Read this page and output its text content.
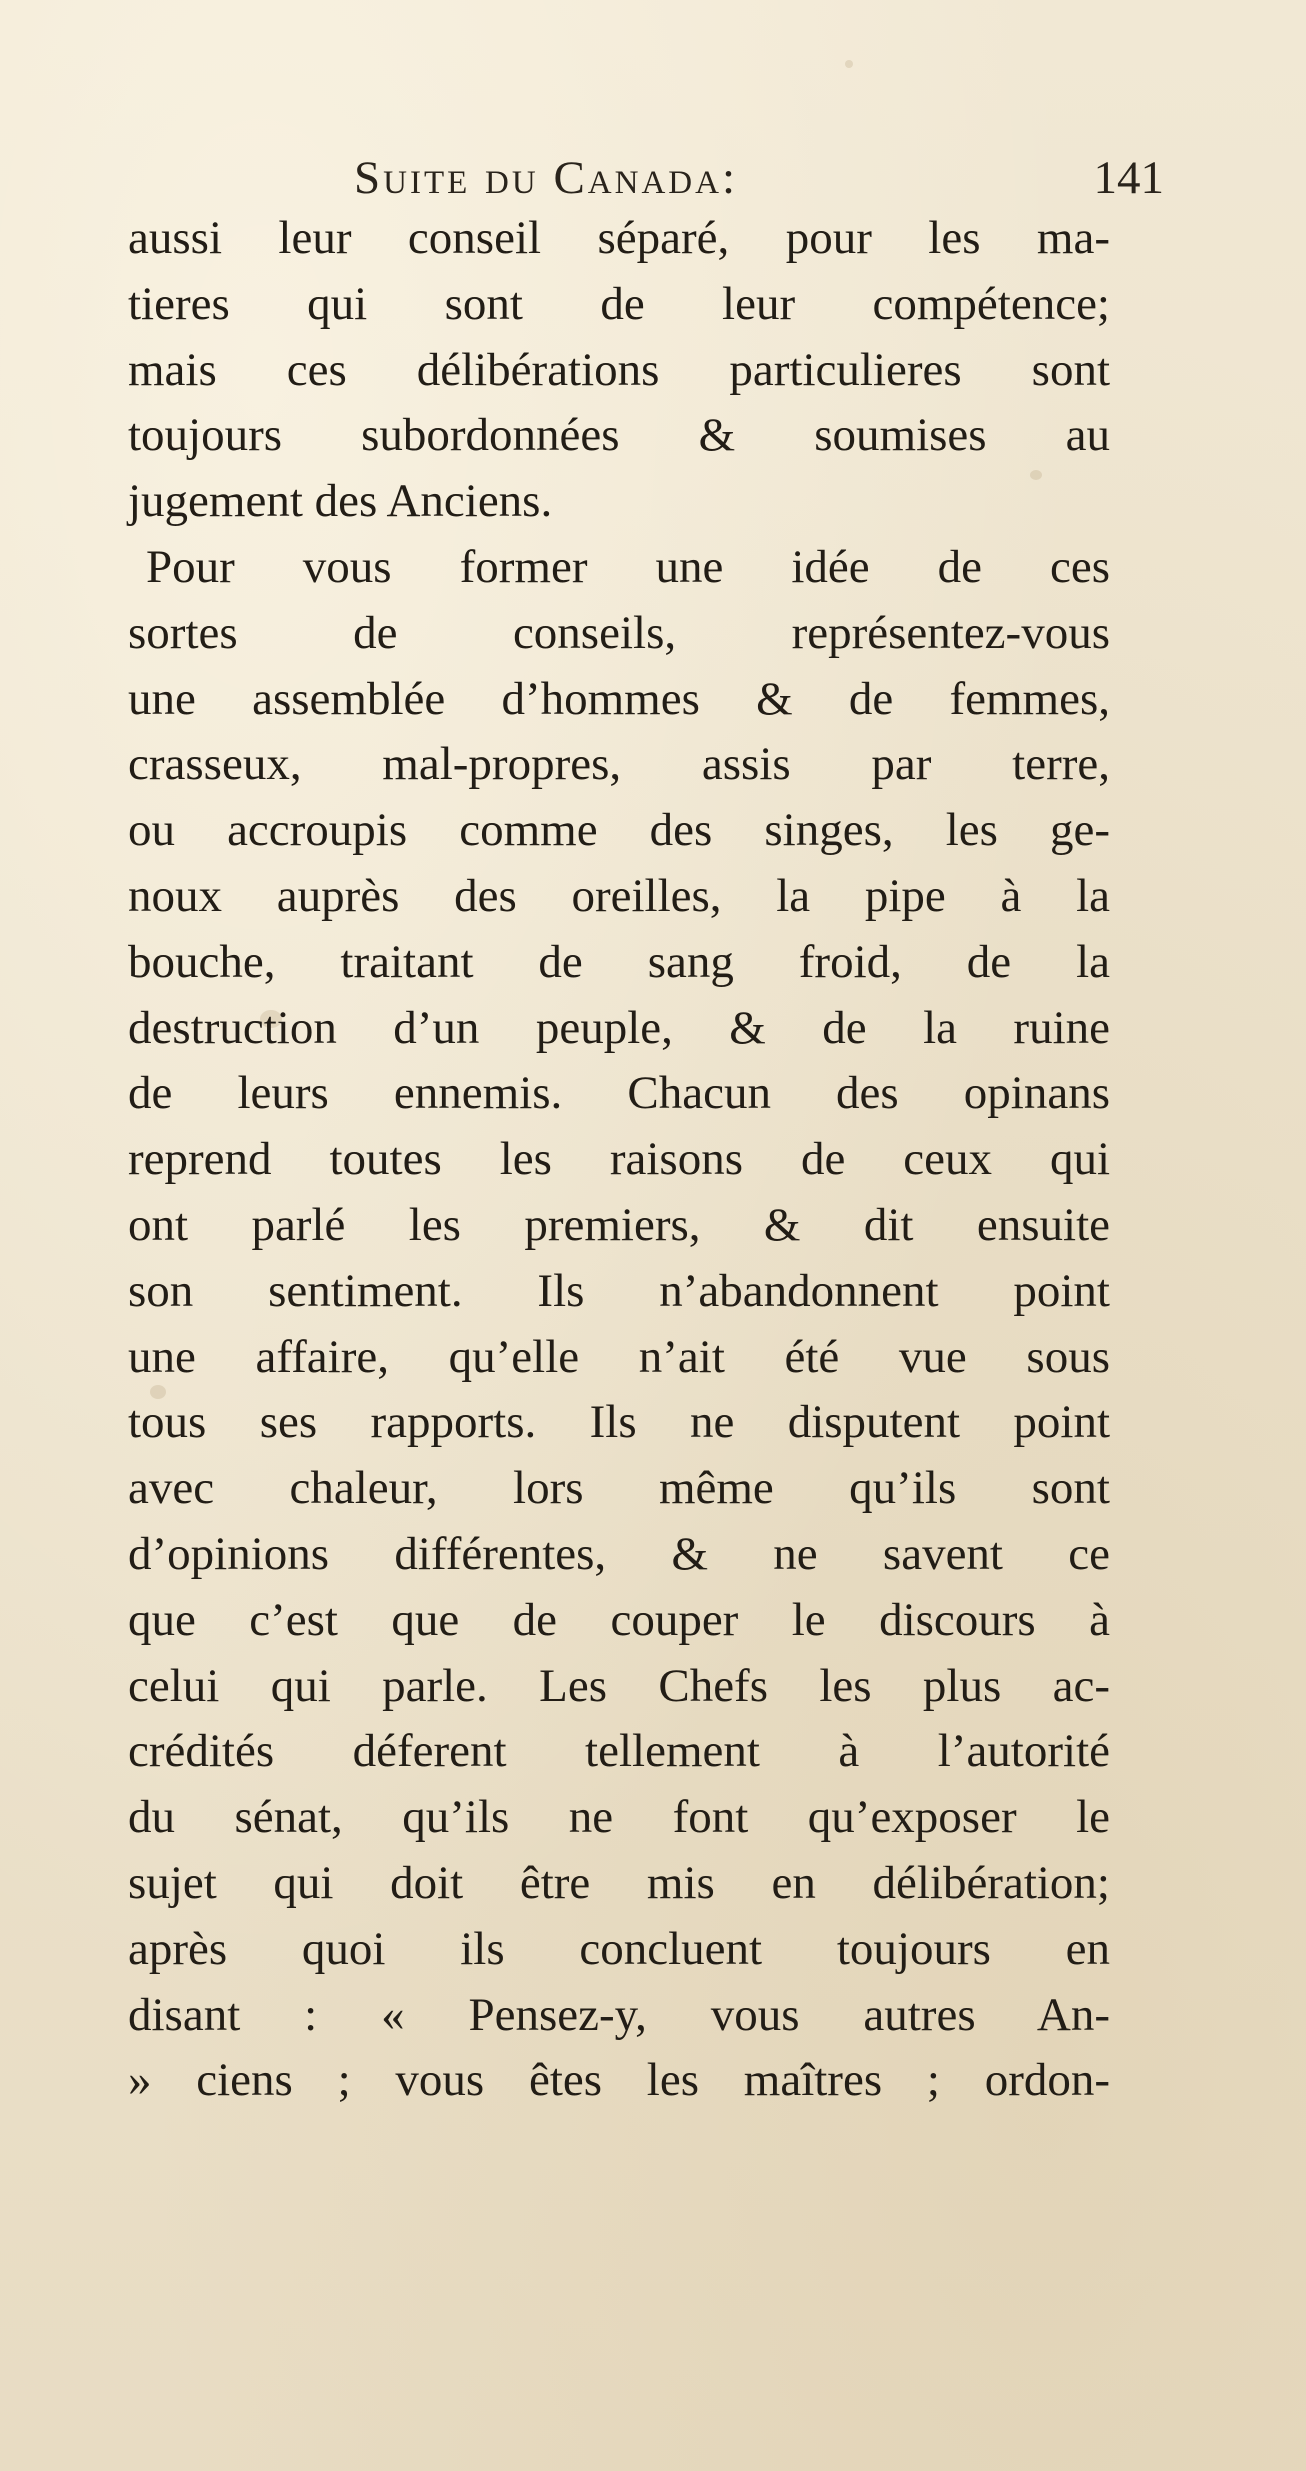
Suite du Canada:	141
aussi leur conseil séparé, pour les ma-
tieres qui sont de leur compétence;
mais ces délibérations particulieres sont
toujours subordonnées & soumises au
jugement des Anciens.
Pour vous former une idée de ces
sortes de conseils, représentez-vous
une assemblée d’hommes & de femmes,
crasseux, mal-propres, assis par terre,
ou accroupis comme des singes, les ge-
noux auprès des oreilles, la pipe à la
bouche, traitant de sang froid, de la
destruction d’un peuple, & de la ruine
de leurs ennemis. Chacun des opinans
reprend toutes les raisons de ceux qui
ont parlé les premiers, & dit ensuite
son sentiment. Ils n’abandonnent point
une affaire, qu’elle n’ait été vue sous
tous ses rapports. Ils ne disputent point
avec chaleur, lors même qu’ils sont
d’opinions différentes, & ne savent ce
que c’est que de couper le discours à
celui qui parle. Les Chefs les plus ac-
crédités déferent tellement à l’autorité
du sénat, qu’ils ne font qu’exposer le
sujet qui doit être mis en délibération;
après quoi ils concluent toujours en
disant : « Pensez-y, vous autres An-
» ciens ; vous êtes les maîtres ; ordon-
